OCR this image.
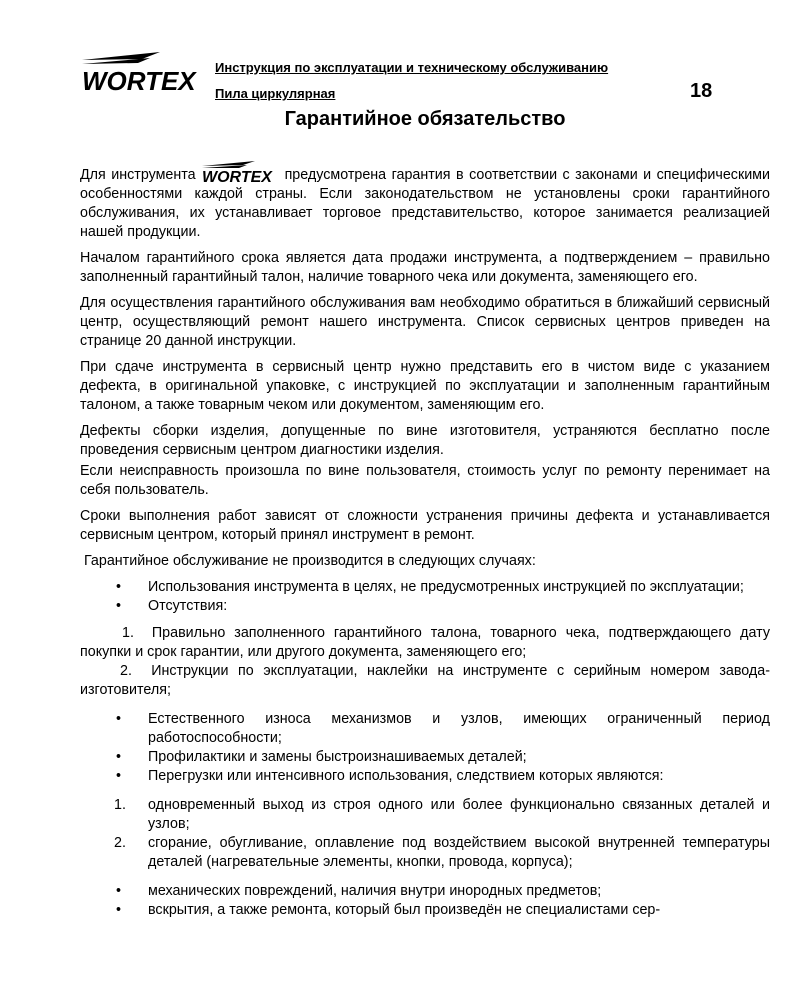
WORTEX Инструкция по эксплуатации и техническому обслуживанию
Пила циркулярная	18
Гарантийное обязательство

Для инструмента WORTEX предусмотрена гарантия в соответствии с законами и специфическими особенностями каждой страны. Если законодательством не установлены сроки гарантийного обслуживания, их устанавливает торговое представительство, которое занимается реализацией нашей продукции.

Началом гарантийного срока является дата продажи инструмента, а подтверждением – правильно заполненный гарантийный талон, наличие товарного чека или документа, заменяющего его.

Для осуществления гарантийного обслуживания вам необходимо обратиться в ближайший сервисный центр, осуществляющий ремонт нашего инструмента. Список сервисных центров приведен на странице 20 данной инструкции.

При сдаче инструмента в сервисный центр нужно представить его в чистом виде с указанием дефекта, в оригинальной упаковке, с инструкцией по эксплуатации и заполненным гарантийным талоном, а также товарным чеком или документом, заменяющим его.

Дефекты сборки изделия, допущенные по вине изготовителя, устраняются бесплатно после проведения сервисным центром диагностики изделия.

Если неисправность произошла по вине пользователя, стоимость услуг по ремонту перенимает на себя пользователь.

Сроки выполнения работ зависят от сложности устранения причины дефекта и устанавливается сервисным центром, который принял инструмент в ремонт.

Гарантийное обслуживание не производится в следующих случаях:

• Использования инструмента в целях, не предусмотренных инструкцией по эксплуатации;
• Отсутствия:
1. Правильно заполненного гарантийного талона, товарного чека, подтверждающего дату покупки и срок гарантии, или другого документа, заменяющего его;
2. Инструкции по эксплуатации, наклейки на инструменте с серийным номером завода-изготовителя;
• Естественного износа механизмов и узлов, имеющих ограниченный период работоспособности;
• Профилактики и замены быстроизнашиваемых деталей;
• Перегрузки или интенсивного использования, следствием которых являются:
1. одновременный выход из строя одного или более функционально связанных деталей и узлов;
2. сгорание, обугливание, оплавление под воздействием высокой внутренней температуры деталей (нагревательные элементы, кнопки, провода, корпуса);
• механических повреждений, наличия внутри инородных предметов;
• вскрытия, а также ремонта, который был произведён не специалистами сер-
